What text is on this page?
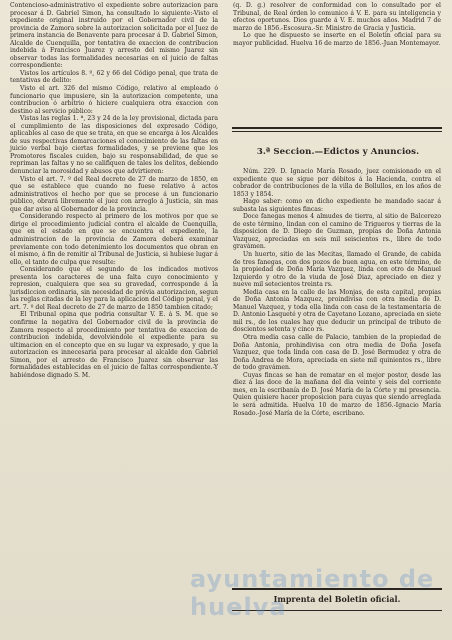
Contencioso-administrativo el expediente sobre autorizacion para procesar á D. Gabriel Simon, ha consultado lo siguiente:-Visto el expediente original instruido por el Gobernador civil de la provincia de Zamora sobre la autorizacion solicitada por el Juez de primera instancia de Benavente para procesar á D. Gabriel Simon, Alcalde de Cuenquilla, por tentativa de exaccion de contribucion indebida á Francisco Juarez y arresto del mismo Juarez sin observar todas las formalidades necesarias en el juicio de faltas correspondiente:

Vistos los artículos 8. º, 62 y 66 del Código penal, que trata de tentativas de delito:

Visto el art. 326 del mismo Código, relativo al empleado ó funcionario que impusiere, sin la autorizacion competente, una contribucion ó arbitrio ó hiciere cualquiera otra exaccion con destino al servicio público:

Vistas las reglas 1. ª, 23 y 24 de la ley provisional, dictada para el cumplimiento de las disposiciones del expresado Código, aplicables al caso de que se trata, en que se encarga á los Alcaldes de sus respectivas demarcaciones el conocimiento de las faltas en juicio verbal bajo ciertas formalidades, y se previene que los Promotores fiscales cuiden, bajo su responsabilidad, de que se repriman las faltas y no se califiquen de tales los delitos, debiendo denunciar la morosidad y abusos que advirtieren:

Visto el art. 7. º del Real decreto de 27 de marzo de 1850, en que se establece que cuando no fuese relativo á actos administrativos el hecho por que se procese á un funcionario público, obrará libremente el juez con arreglo á Justicia, sin mas que dar aviso al Gobernador de la provincia.

Considerando respecto al primero de los motivos por que se dirige el procedimiento judicial contra el alcalde de Cuenquilla, que en el estado en que se encuentra el expediente, la administracion de la provincia de Zamora deberá examinar previamente con todo detenimiento los documentos que obran en el mismo, á fin de remitir al Tribunal de Justicia, si hubiese lugar á ello, el tanto de culpa que resulte:

Considerando que el segundo de los indicados motivos presenta los caracteres de una falta cuyo conocimiento y represion, cualquiera que sea su gravedad, corresponde á la jurisdiccion ordinaria, sin necesidad de prévia autorizacion, segun las reglas citadas de la ley para la aplicacion del Código penal, y el art. 7. º del Real decreto de 27 de marzo de 1850 tambien citado;

El Tribunal opina que podria consultar V. E. á S. M. que se confirme la negativa del Gobernador civil de la provincia de Zamora respecto al procedimiento por tentativa de exaccion de contribucion indebida, devolviéndole el expediente para su ultimacion en el concepto que en su lugar va expresado, y que la autorizacion es innecesaria para procesar al alcalde don Gabriel Simon, por el arresto de Francisco Juarez sin observar las formalidades establecidas en el juicio de faltas correspondiente.-Y habiéndose dignado S. M.

(q. D. g.) resolver de conformidad con lo consultado por el Tribunal, de Real órden lo comunico á V. E. para su inteligencia y efectos oportunos. Dios guarde á V. E. muchos años. Madrid 7 de marzo de 1856.-Escosura.-Sr. Ministro de Gracia y Justicia.

Lo que he dispuesto se inserte en el Boletin oficial para su mayor publicidad. Huelva 16 de marzo de 1856.-Juan Montemayor.

3.ª Seccion.—Edictos y Anuncios.

Núm. 229. D. Ignacio María Rosado, juez comisionado en el expediente que se sigue por débitos á la Hacienda, contra el cobrador de contribuciones de la villa de Bollullos, en los años de 1853 y 1854.

Hago saber: como en dicho expediente he mandado sacar á subasta las siguientes fincas:

Doce fanegas menos 4 almudes de tierra, al sitio de Balcerezo de este término, lindan con el camino de Trigueros y tierras de la disposicion de D. Diego de Guzman, propias de Doña Antonia Vazquez, apreciadas en seis mil seiscientos rs., libre de todo gravámen.

Un huerto, sitio de las Mecitas, llamado el Grande, de cabida de tres fanegas, con dos pozos de buen agua, en este término, de la propiedad de Doña María Vazquez, linda con otro de Manuel Izquierdo y otro de la viuda de José Diaz, apreciado en diez y nueve mil setecientos treinta rs.

Media casa en la calle de las Monjas, de esta capital, propias de Doña Antonia Mazquez, proindivisa con otra media de D. Manuel Vazquez, y toda ella linda con casa de la testamentaria de D. Antonio Lasqueté y otra de Cayetano Lozano, apreciada en siete mil rs., de los cuales hay que deducir un principal de tributo de doscientos setenta y cinco rs.

Otra media casa calle de Palacio, tambien de la propiedad de Doña Antonia, prohindivisa con otra media de Doña Josefa Vazquez, que toda linda con casa de D. José Bermudez y otra de Doña Andrea de Mora, apreciada en siete mil quinientos rs., libre de todo gravámen.

Cuyas fincas se han de rematar en el mejor postor, desde las diez á las doce de la mañana del dia veinte y seis del corriente mes, en la escribanía de D. José María de la Córte y mi presencia. Quien quisiere hacer proposicion para cuyas que siendo arreglada le será admitida. Huelva 10 de marzo de 1856.-Ignacio María Rosado.-José María de la Córte, escribano.

Imprenta del Boletin oficial.
ayuntamiento de huelva
